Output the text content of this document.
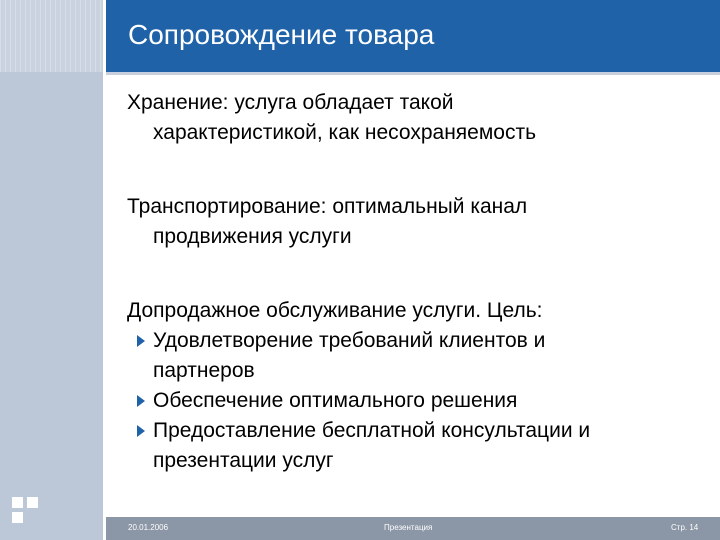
Сопровождение товара

Хранение: услуга обладает такой
характеристикой, как несохраняемость

Транспортирование: оптимальный канал
продвижения услуги

Допродажное обслуживание услуги. Цель:

Удовлетворение требований клиентов и
партнеров
Обеспечение оптимального решения
Предоставление бесплатной консультации и
презентации услуг
20.01.2006	Презентация	Стр. 14
